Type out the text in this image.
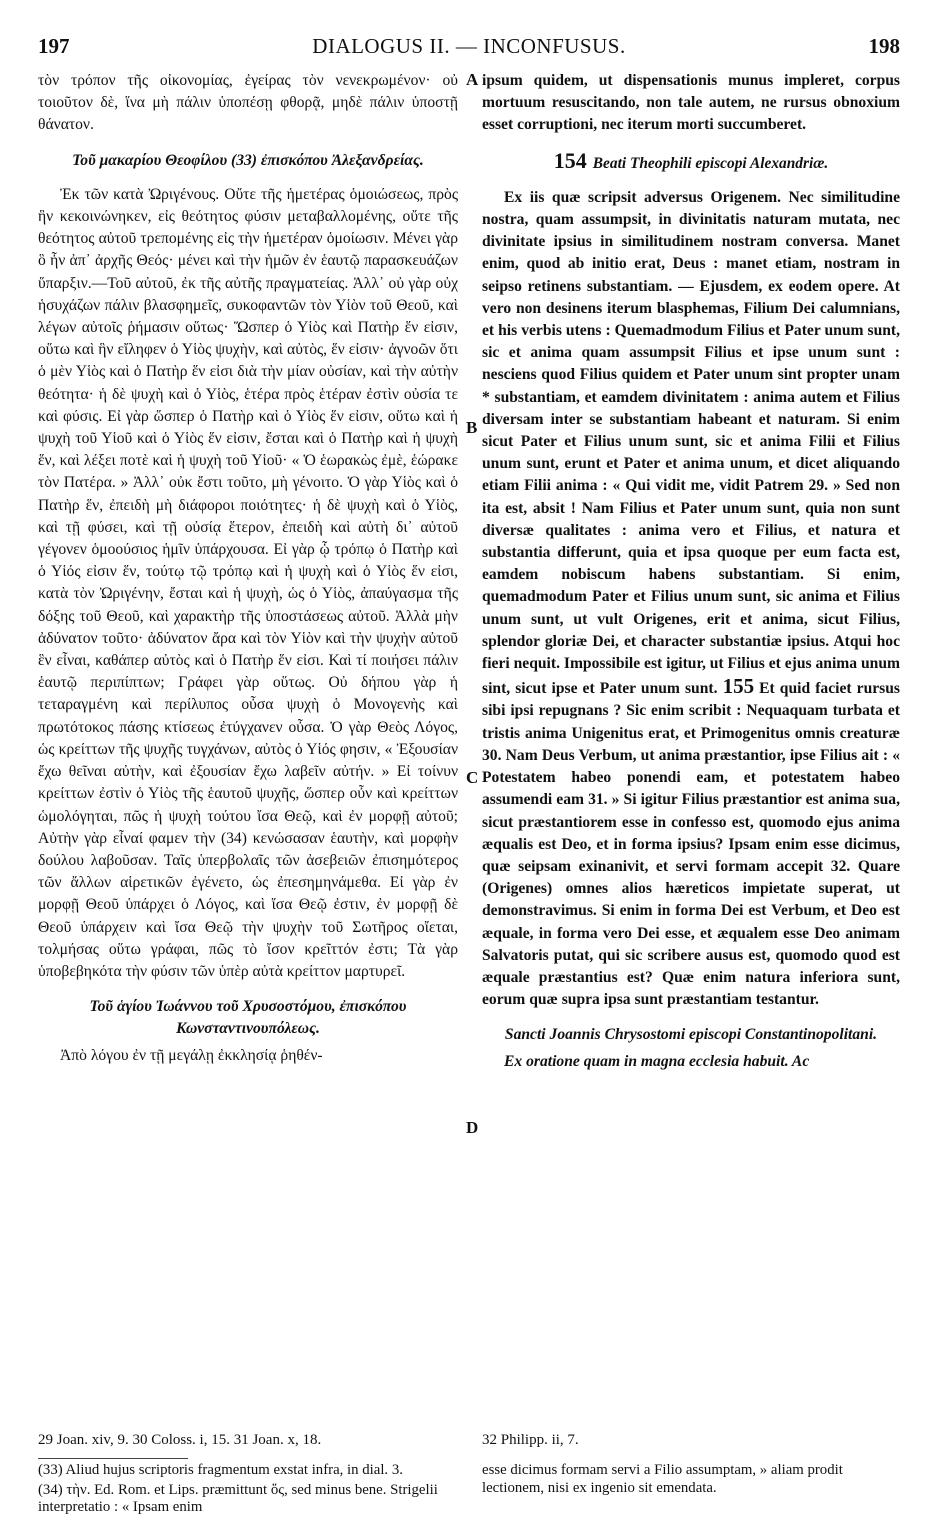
197	DIALOGUS II. — INCONFUSUS.	198

τὸν τρόπον τῆς οἰκονομίας, ἐγείρας τὸν νενεκρωμένον· οὐ τοιοῦτον δὲ, ἵνα μὴ πάλιν ὑποπέσῃ φθορᾷ, μηδὲ πάλιν ὑποστῇ θάνατον.

Τοῦ μακαρίου Θεοφίλου (33) ἐπισκόπου Ἀλεξανδρείας.

Ἐκ τῶν κατὰ Ὠριγένους. Οὔτε τῆς ἡμετέρας ὁμοιώσεως, πρὸς ἣν κεκοινώνηκεν, εἰς θεότητος φύσιν μεταβαλλομένης, οὔτε τῆς θεότητος αὐτοῦ τρεπομένης εἰς τὴν ἡμετέραν ὁμοίωσιν. Μένει γὰρ ὃ ἦν ἀπ᾿ ἀρχῆς Θεός· μένει καὶ τὴν ἡμῶν ἐν ἑαυτῷ παρασκευάζων ὕπαρξιν.—Τοῦ αὐτοῦ, ἐκ τῆς αὐτῆς πραγματείας. Ἀλλ᾿ οὐ γὰρ οὐχ ἡσυχάζων πάλιν βλασφημεῖς, συκοφαντῶν τὸν Υἱὸν τοῦ Θεοῦ, καὶ λέγων αὐτοῖς ῥήμασιν οὕτως· Ὥσπερ ὁ Υἱὸς καὶ Πατὴρ ἕν εἰσιν, οὕτω καὶ ἣν εἴληφεν ὁ Υἱὸς ψυχὴν, καὶ αὐτὸς, ἕν εἰσιν· ἀγνοῶν ὅτι ὁ μὲν Υἱὸς καὶ ὁ Πατὴρ ἕν εἰσι διὰ τὴν μίαν οὐσίαν, καὶ τὴν αὐτὴν θεότητα· ἡ δὲ ψυχὴ καὶ ὁ Υἱὸς, ἑτέρα πρὸς ἑτέραν ἐστὶν οὐσία τε καὶ φύσις. Εἰ γὰρ ὥσπερ ὁ Πατὴρ καὶ ὁ Υἱὸς ἕν εἰσιν, οὕτω καὶ ἡ ψυχὴ τοῦ Υἱοῦ καὶ ὁ Υἱὸς ἕν εἰσιν, ἔσται καὶ ὁ Πατὴρ καὶ ἡ ψυχὴ ἕν, καὶ λέξει ποτὲ καὶ ἡ ψυχὴ τοῦ Υἱοῦ· « Ὁ ἑωρακὼς ἐμὲ, ἑώρακε τὸν Πατέρα. » Ἀλλ᾿ οὐκ ἔστι τοῦτο, μὴ γένοιτο. Ὁ γὰρ Υἱὸς καὶ ὁ Πατὴρ ἕν, ἐπειδὴ μὴ διάφοροι ποιότητες· ἡ δὲ ψυχὴ καὶ ὁ Υἱὸς, καὶ τῇ φύσει, καὶ τῇ οὐσίᾳ ἕτερον, ἐπειδὴ καὶ αὐτὴ δι᾿ αὐτοῦ γέγονεν ὁμοούσιος ἡμῖν ὑπάρχουσα. Εἰ γὰρ ᾧ τρόπῳ ὁ Πατὴρ καὶ ὁ Υἱός εἰσιν ἕν, τούτῳ τῷ τρόπῳ καὶ ἡ ψυχὴ καὶ ὁ Υἱὸς ἕν εἰσι, κατὰ τὸν Ὠριγένην, ἔσται καὶ ἡ ψυχὴ, ὡς ὁ Υἱὸς, ἀπαύγασμα τῆς δόξης τοῦ Θεοῦ, καὶ χαρακτὴρ τῆς ὑποστάσεως αὐτοῦ. Ἀλλὰ μὴν ἀδύνατον τοῦτο· ἀδύνατον ἄρα καὶ τὸν Υἱὸν καὶ τὴν ψυχὴν αὐτοῦ ἓν εἶναι, καθάπερ αὐτὸς καὶ ὁ Πατὴρ ἕν εἰσι. Καὶ τί ποιήσει πάλιν ἑαυτῷ περιπίπτων; Γράφει γὰρ οὕτως. Οὐ δήπου γὰρ ἡ τεταραγμένη καὶ περίλυπος οὖσα ψυχὴ ὁ Μονογενὴς καὶ πρωτότοκος πάσης κτίσεως ἐτύγχανεν οὖσα. Ὁ γὰρ Θεὸς Λόγος, ὡς κρείττων τῆς ψυχῆς τυγχάνων, αὐτὸς ὁ Υἱός φησιν, « Ἐξουσίαν ἔχω θεῖναι αὐτὴν, καὶ ἐξουσίαν ἔχω λαβεῖν αὐτήν. » Εἰ τοίνυν κρείττων ἐστὶν ὁ Υἱὸς τῆς ἑαυτοῦ ψυχῆς, ὥσπερ οὖν καὶ κρείττων ὡμολόγηται, πῶς ἡ ψυχὴ τούτου ἴσα Θεῷ, καὶ ἐν μορφῇ αὐτοῦ; Αὐτὴν γὰρ εἶναί φαμεν τὴν (34) κενώσασαν ἑαυτὴν, καὶ μορφὴν δούλου λαβοῦσαν. Ταῖς ὑπερβολαῖς τῶν ἀσεβειῶν ἐπισημότερος τῶν ἄλλων αἱρετικῶν ἐγένετο, ὡς ἐπεσημηνάμεθα. Εἰ γὰρ ἐν μορφῇ Θεοῦ ὑπάρχει ὁ Λόγος, καὶ ἴσα Θεῷ ἐστιν, ἐν μορφῇ δὲ Θεοῦ ὑπάρχειν καὶ ἴσα Θεῷ τὴν ψυχὴν τοῦ Σωτῆρος οἴεται, τολμήσας οὕτω γράφαι, πῶς τὸ ἴσον κρεῖττόν ἐστι; Τὰ γὰρ ὑποβεβηκότα τὴν φύσιν τῶν ὑπὲρ αὐτὰ κρείττον μαρτυρεῖ.

Τοῦ ἁγίου Ἰωάννου τοῦ Χρυσοστόμου, ἐπισκόπου Κωνσταντινουπόλεως.

Ἀπὸ λόγου ἐν τῇ μεγάλῃ ἐκκλησίᾳ ῥηθέν-

A
B
C
D

ipsum quidem, ut dispensationis munus impleret, corpus mortuum resuscitando, non tale autem, ne rursus obnoxium esset corruptioni, nec iterum morti succumberet.

154 Beati Theophili episcopi Alexandriæ.

Ex iis quæ scripsit adversus Origenem. Nec similitudine nostra, quam assumpsit, in divinitatis naturam mutata, nec divinitate ipsius in similitudinem nostram conversa. Manet enim, quod ab initio erat, Deus : manet etiam, nostram in seipso retinens substantiam. — Ejusdem, ex eodem opere. At vero non desinens iterum blasphemas, Filium Dei calumnians, et his verbis utens : Quemadmodum Filius et Pater unum sunt, sic et anima quam assumpsit Filius et ipse unum sunt : nesciens quod Filius quidem et Pater unum sint propter unam * substantiam, et eamdem divinitatem : anima autem et Filius diversam inter se substantiam habeant et naturam. Si enim sicut Pater et Filius unum sunt, sic et anima Filii et Filius unum sunt, erunt et Pater et anima unum, et dicet aliquando etiam Filii anima : « Qui vidit me, vidit Patrem 29. » Sed non ita est, absit ! Nam Filius et Pater unum sunt, quia non sunt diversæ qualitates : anima vero et Filius, et natura et substantia differunt, quia et ipsa quoque per eum facta est, eamdem nobiscum habens substantiam. Si enim, quemadmodum Pater et Filius unum sunt, sic anima et Filius unum sunt, ut vult Origenes, erit et anima, sicut Filius, splendor gloriæ Dei, et character substantiæ ipsius. Atqui hoc fieri nequit. Impossibile est igitur, ut Filius et ejus anima unum sint, sicut ipse et Pater unum sunt. 155 Et quid faciet rursus sibi ipsi repugnans ? Sic enim scribit : Nequaquam turbata et tristis anima Unigenitus erat, et Primogenitus omnis creaturæ 30. Nam Deus Verbum, ut anima præstantior, ipse Filius ait : « Potestatem habeo ponendi eam, et potestatem habeo assumendi eam 31. » Si igitur Filius præstantior est anima sua, sicut præstantiorem esse in confesso est, quomodo ejus anima æqualis est Deo, et in forma ipsius? Ipsam enim esse dicimus, quæ seipsam exinanivit, et servi formam accepit 32. Quare (Origenes) omnes alios hæreticos impietate superat, ut demonstravimus. Si enim in forma Dei est Verbum, et Deo est æquale, in forma vero Dei esse, et æqualem esse Deo animam Salvatoris putat, qui sic scribere ausus est, quomodo quod est æquale præstantius est? Quæ enim natura inferiora sunt, eorum quæ supra ipsa sunt præstantiam testantur.

Sancti Joannis Chrysostomi episcopi Constantinopolitani.

Ex oratione quam in magna ecclesia habuit. Ac

29 Joan. xiv, 9. 30 Coloss. i, 15. 31 Joan. x, 18.	32 Philipp. ii, 7.

(33) Aliud hujus scriptoris fragmentum exstat infra, in dial. 3.

(34) τὴν. Ed. Rom. et Lips. præmittunt ὅς, sed minus bene. Strigelii interpretatio : « Ipsam enim

esse dicimus formam servi a Filio assumptam, » aliam prodit lectionem, nisi ex ingenio sit emendata.
